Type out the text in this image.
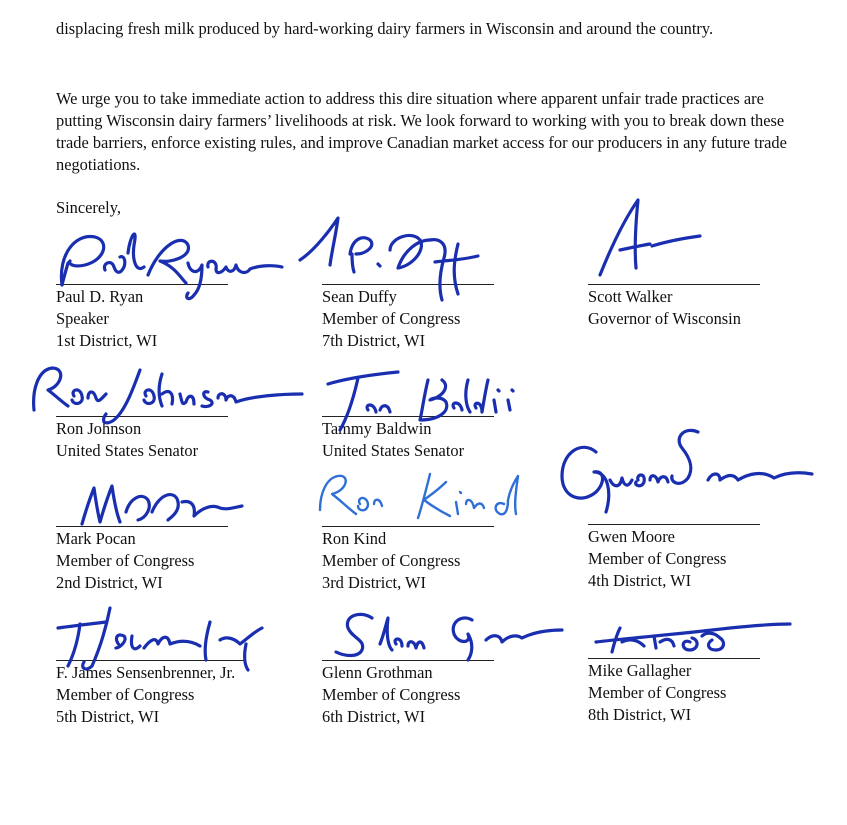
displacing fresh milk produced by hard-working dairy farmers in Wisconsin and around the country.

We urge you to take immediate action to address this dire situation where apparent unfair trade practices are putting Wisconsin dairy farmers’ livelihoods at risk. We look forward to working with you to break down these trade barriers, enforce existing rules, and improve Canadian market access for our producers in any future trade negotiations.

Sincerely,

Paul D. Ryan
Speaker
1st District, WI
Sean Duffy
Member of Congress
7th District, WI
Scott Walker
Governor of Wisconsin
Ron Johnson
United States Senator
Tammy Baldwin
United States Senator
Mark Pocan
Member of Congress
2nd District, WI
Ron Kind
Member of Congress
3rd District, WI
Gwen Moore
Member of Congress
4th District, WI
F. James Sensenbrenner, Jr.
Member of Congress
5th District, WI
Glenn Grothman
Member of Congress
6th District, WI
Mike Gallagher
Member of Congress
8th District, WI
